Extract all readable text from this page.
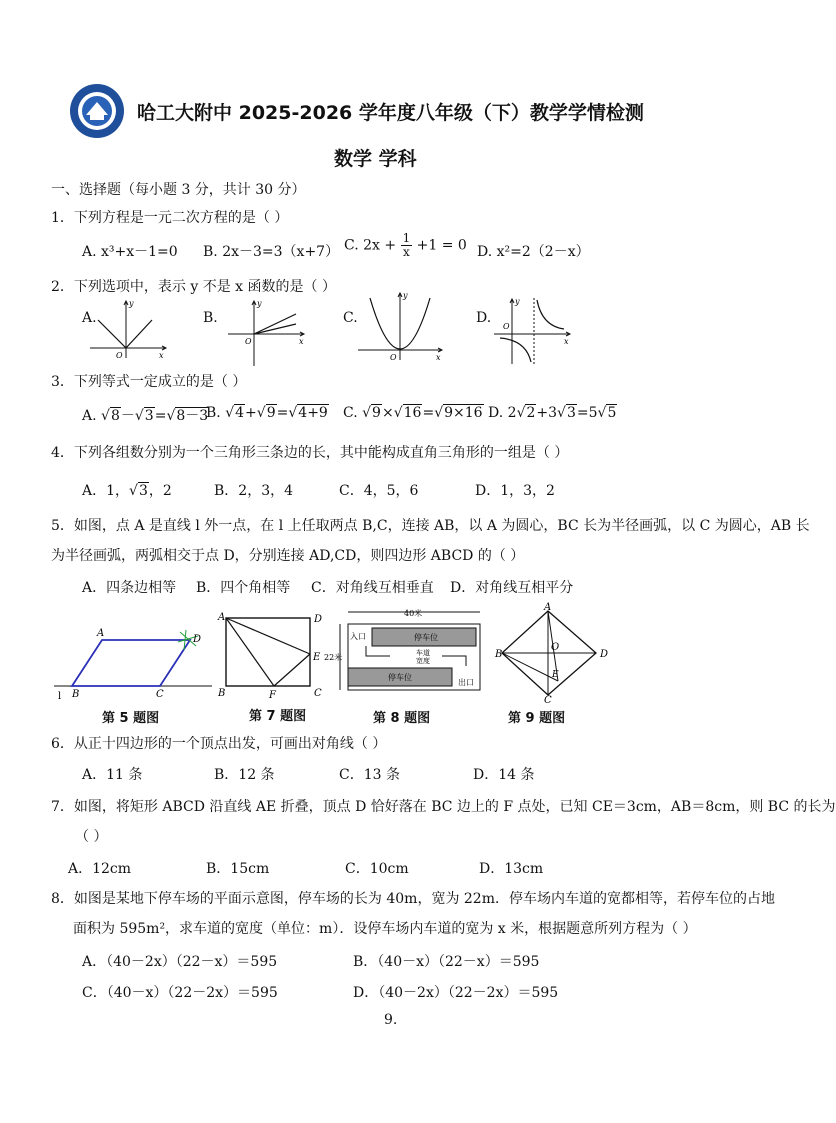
哈工大附中 2025-2026 学年度八年级（下）教学学情检测
数学 学科
一、选择题（每小题 3 分，共计 30 分）
1．下列方程是一元二次方程的是（ ）
A. x³+x－1=0 B. 2x－3=3（x+7） C. $2x + \frac{1}{x} +1 = 0$ D. x²=2（2－x）
2．下列选项中，表示 y 不是 x 函数的是（ ）
A.	B.	C.	D.
O	x
y
O	x
y
O	x
y
O
x
y
3．下列等式一定成立的是（ ）
A. √8－√3=√8－3
B. √4+√9=√4+9 C. √9×√16=√9×16 D. 2√2+3√3=5√5
4．下列各组数分别为一个三角形三条边的长，其中能构成直角三角形的一组是（ ）
A．1，√3，2	B．2，3，4	C．4，5，6	D．1，3，2
5．如图，点 A 是直线 l 外一点，在 l 上任取两点 B,C，连接 AB，以 A 为圆心，BC 长为半径画弧，以 C 为圆心，AB 长
为半径画弧，两弧相交于点 D，分别连接 AD,CD，则四边形 ABCD 的（ ）
A．四条边相等 B．四个角相等 C．对角线互相垂直 D．对角线互相平分
A
D
B	C
l
A	D
E
B	F	C
40米
22米
停车位
停车位
入口
出口
车道
宽度
A
D
O
B
E
C
第 5 题图	第 7 题图	第 8 题图	第 9 题图
6．从正十四边形的一个顶点出发，可画出对角线（ ）
A．11 条	B．12 条	C．13 条	D．14 条
7．如图，将矩形 ABCD 沿直线 AE 折叠，顶点 D 恰好落在 BC 边上的 F 点处，已知 CE＝3cm，AB＝8cm，则 BC 的长为
（ ）
A．12cm	B．15cm	C．10cm	D．13cm
8．如图是某地下停车场的平面示意图，停车场的长为 40m，宽为 22m．停车场内车道的宽都相等，若停车位的占地
面积为 595m²，求车道的宽度（单位：m）．设停车场内车道的宽为 x 米，根据题意所列方程为（ ）
A．（40－2x）（22－x）＝595	B．（40－x）（22－x）＝595
C．（40－x）（22－2x）＝595	D．（40－2x）（22－2x）＝595
9.
